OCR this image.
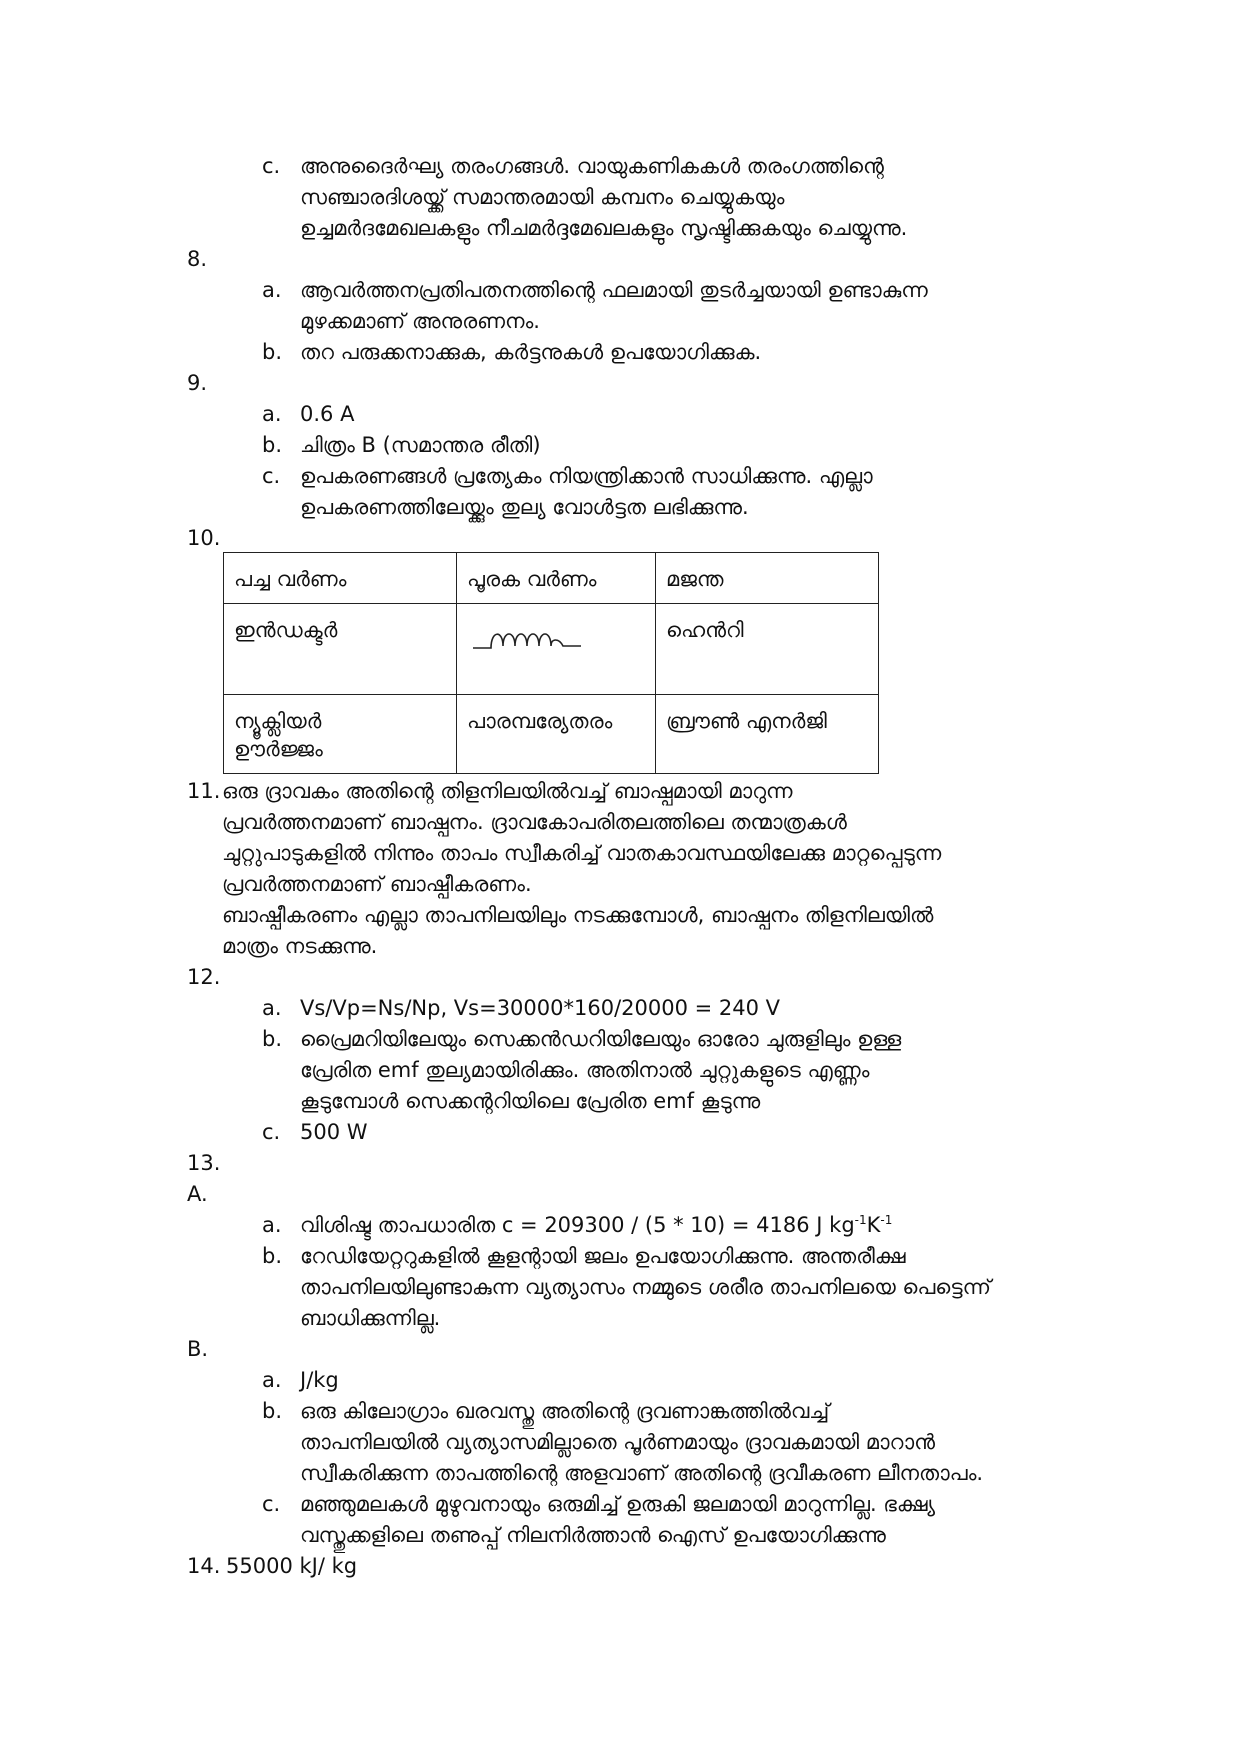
c. അനുദൈർഘ്യ തരംഗങ്ങൾ. വായുകണികകൾ തരംഗത്തിന്റെ
സഞ്ചാരദിശയ്ക്ക് സമാന്തരമായി കമ്പനം ചെയ്യുകയും
ഉച്ചമർദമേഖലകളും നീചമർദ്ദമേഖലകളും സൃഷ്ടിക്കുകയും ചെയ്യുന്നു.
8.
a. ആവർത്തനപ്രതിപതനത്തിന്റെ ഫലമായി തുടർച്ചയായി ഉണ്ടാകുന്ന
മുഴക്കമാണ് അനുരണനം.
b. തറ പരുക്കനാക്കുക, കർട്ടനുകൾ ഉപയോഗിക്കുക.
9.
a. 0.6 A
b. ചിത്രം B (സമാന്തര രീതി)
c. ഉപകരണങ്ങൾ പ്രത്യേകം നിയന്ത്രിക്കാൻ സാധിക്കുന്നു. എല്ലാ
ഉപകരണത്തിലേയ്ക്കും തുല്യ വോൾട്ടത ലഭിക്കുന്നു.
10.
പച്ച വർണം	പൂരക വർണം	മജന്ത
ഇൻഡക്ടർ		ഹെൻറി

ന്യൂക്ലിയർ
ഊർജ്ജം	പാരമ്പര്യേതരം	ബ്രൗൺ എനർജി
11. ഒരു ദ്രാവകം അതിന്റെ തിളനിലയിൽവച്ച് ബാഷ്പമായി മാറുന്ന
പ്രവർത്തനമാണ് ബാഷ്പനം. ദ്രാവകോപരിതലത്തിലെ തന്മാത്രകൾ
ചുറ്റുപാടുകളിൽ നിന്നും താപം സ്വീകരിച്ച് വാതകാവസ്ഥയിലേക്കു മാറ്റപ്പെടുന്ന
പ്രവർത്തനമാണ് ബാഷ്പീകരണം.
ബാഷ്പീകരണം എല്ലാ താപനിലയിലും നടക്കുമ്പോൾ, ബാഷ്പനം തിളനിലയിൽ
മാത്രം നടക്കുന്നു.
12.
a. Vs/Vp=Ns/Np, Vs=30000*160/20000 = 240 V
b. പ്രൈമറിയിലേയും സെക്കൻഡറിയിലേയും ഓരോ ചുരുളിലും ഉള്ള
പ്രേരിത emf തുല്യമായിരിക്കും. അതിനാൽ ചുറ്റുകളുടെ എണ്ണം
കൂടുമ്പോൾ സെക്കന്ററിയിലെ പ്രേരിത emf കൂടുന്നു
c. 500 W
13.
A.
a. വിശിഷ്ട താപധാരിത c = 209300 / (5 * 10) = 4186 J $kg^{-1}K^{-1}$
b. റേഡിയേറ്ററുകളിൽ കൂളന്റായി ജലം ഉപയോഗിക്കുന്നു. അന്തരീക്ഷ
താപനിലയിലുണ്ടാകുന്ന വ്യത്യാസം നമ്മുടെ ശരീര താപനിലയെ പെട്ടെന്ന്
ബാധിക്കുന്നില്ല.
B.
a. J/kg
b. ഒരു കിലോഗ്രാം ഖരവസ്തു അതിന്റെ ദ്രവണാങ്കത്തിൽവച്ച്
താപനിലയിൽ വ്യത്യാസമില്ലാതെ പൂർണമായും ദ്രാവകമായി മാറാൻ
സ്വീകരിക്കുന്ന താപത്തിന്റെ അളവാണ് അതിന്റെ ദ്രവീകരണ ലീനതാപം.
c. മഞ്ഞുമലകൾ മുഴുവനായും ഒരുമിച്ച് ഉരുകി ജലമായി മാറുന്നില്ല. ഭക്ഷ്യ
വസ്തുക്കളിലെ തണുപ്പ് നിലനിർത്താൻ ഐസ് ഉപയോഗിക്കുന്നു
14. 55000 kJ/ kg
